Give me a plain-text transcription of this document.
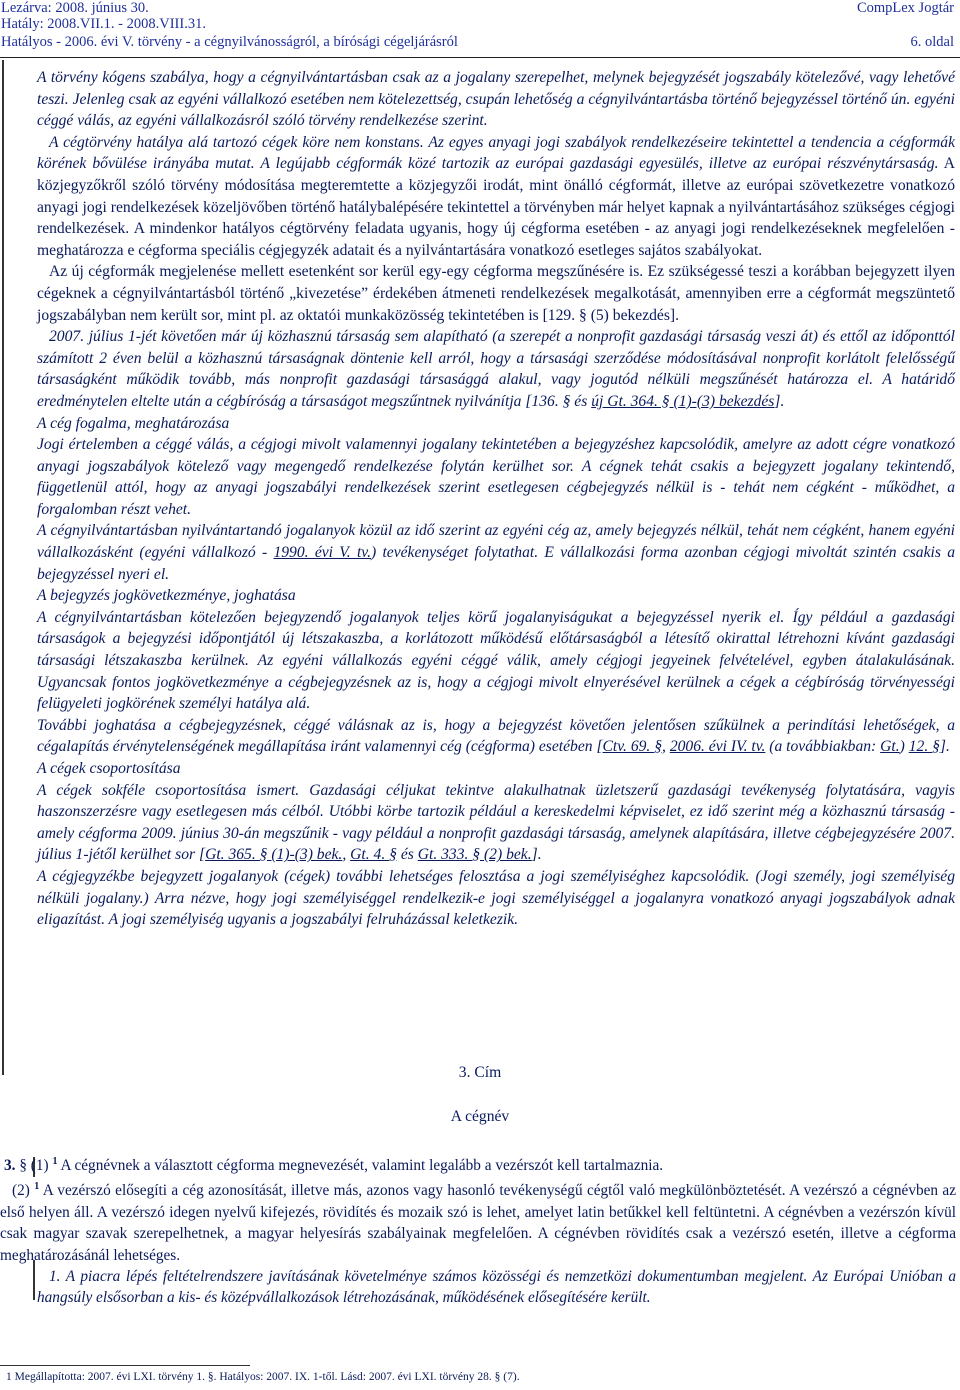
Lezárva: 2008. június 30.	CompLex Jogtár
Hatály: 2008.VII.1. - 2008.VIII.31.
Hatályos - 2006. évi V. törvény - a cégnyilvánosságról, a bírósági cégeljárásról	6. oldal

A törvény kógens szabálya, hogy a cégnyilvántartásban csak az a jogalany szerepelhet, melynek bejegyzését jogszabály kötelezővé, vagy lehetővé teszi. Jelenleg csak az egyéni vállalkozó esetében nem kötelezettség, csupán lehetőség a cégnyilvántartásba történő bejegyzéssel történő ún. egyéni céggé válás, az egyéni vállalkozásról szóló törvény rendelkezése szerint.

A cégtörvény hatálya alá tartozó cégek köre nem konstans. Az egyes anyagi jogi szabályok rendelkezéseire tekintettel a tendencia a cégformák körének bővülése irányába mutat. A legújabb cégformák közé tartozik az európai gazdasági egyesülés, illetve az európai részvénytársaság. A közjegyzőkről szóló törvény módosítása megteremtette a közjegyzői irodát, mint önálló cégformát, illetve az európai szövetkezetre vonatkozó anyagi jogi rendelkezések közeljövőben történő hatálybalépésére tekintettel a törvényben már helyet kapnak a nyilvántartásához szükséges cégjogi rendelkezések. A mindenkor hatályos cégtörvény feladata ugyanis, hogy új cégforma esetében - az anyagi jogi rendelkezéseknek megfelelően - meghatározza e cégforma speciális cégjegyzék adatait és a nyilvántartására vonatkozó esetleges sajátos szabályokat.

Az új cégformák megjelenése mellett esetenként sor kerül egy-egy cégforma megszűnésére is. Ez szükségessé teszi a korábban bejegyzett ilyen cégeknek a cégnyilvántartásból történő „kivezetése” érdekében átmeneti rendelkezések megalkotását, amennyiben erre a cégformát megszüntető jogszabályban nem került sor, mint pl. az oktatói munkaközösség tekintetében is [129. § (5) bekezdés].

2007. július 1-jét követően már új közhasznú társaság sem alapítható (a szerepét a nonprofit gazdasági társaság veszi át) és ettől az időponttól számított 2 éven belül a közhasznú társaságnak döntenie kell arról, hogy a társasági szerződése módosításával nonprofit korlátolt felelősségű társaságként működik tovább, más nonprofit gazdasági társasággá alakul, vagy jogutód nélküli megszűnését határozza el. A határidő eredménytelen eltelte után a cégbíróság a társaságot megszűntnek nyilvánítja [136. § és új Gt. 364. § (1)-(3) bekezdés].

A cég fogalma, meghatározása

Jogi értelemben a céggé válás, a cégjogi mivolt valamennyi jogalany tekintetében a bejegyzéshez kapcsolódik, amelyre az adott cégre vonatkozó anyagi jogszabályok kötelező vagy megengedő rendelkezése folytán kerülhet sor. A cégnek tehát csakis a bejegyzett jogalany tekintendő, függetlenül attól, hogy az anyagi jogszabályi rendelkezések szerint esetlegesen cégbejegyzés nélkül is - tehát nem cégként - működhet, a forgalomban részt vehet.

A cégnyilvántartásban nyilvántartandó jogalanyok közül az idő szerint az egyéni cég az, amely bejegyzés nélkül, tehát nem cégként, hanem egyéni vállalkozásként (egyéni vállalkozó - 1990. évi V. tv.) tevékenységet folytathat. E vállalkozási forma azonban cégjogi mivoltát szintén csakis a bejegyzéssel nyeri el.

A bejegyzés jogkövetkezménye, joghatása

A cégnyilvántartásban kötelezően bejegyzendő jogalanyok teljes körű jogalanyiságukat a bejegyzéssel nyerik el. Így például a gazdasági társaságok a bejegyzési időpontjától új létszakaszba, a korlátozott működésű előtársaságból a létesítő okirattal létrehozni kívánt gazdasági társasági létszakaszba kerülnek. Az egyéni vállalkozás egyéni céggé válik, amely cégjogi jegyeinek felvételével, egyben átalakulásának. Ugyancsak fontos jogkövetkezménye a cégbejegyzésnek az is, hogy a cégjogi mivolt elnyerésével kerülnek a cégek a cégbíróság törvényességi felügyeleti jogkörének személyi hatálya alá.

További joghatása a cégbejegyzésnek, céggé válásnak az is, hogy a bejegyzést követően jelentősen szűkülnek a perindítási lehetőségek, a cégalapítás érvénytelenségének megállapítása iránt valamennyi cég (cégforma) esetében [Ctv. 69. §, 2006. évi IV. tv. (a továbbiakban: Gt.) 12. §].

A cégek csoportosítása

A cégek sokféle csoportosítása ismert. Gazdasági céljukat tekintve alakulhatnak üzletszerű gazdasági tevékenység folytatására, vagyis haszonszerzésre vagy esetlegesen más célból. Utóbbi körbe tartozik például a kereskedelmi képviselet, ez idő szerint még a közhasznú társaság - amely cégforma 2009. június 30-án megszűnik - vagy például a nonprofit gazdasági társaság, amelynek alapítására, illetve cégbejegyzésére 2007. július 1-jétől kerülhet sor [Gt. 365. § (1)-(3) bek., Gt. 4. § és Gt. 333. § (2) bek.].

A cégjegyzékbe bejegyzett jogalanyok (cégek) további lehetséges felosztása a jogi személyiséghez kapcsolódik. (Jogi személy, jogi személyiség nélküli jogalany.) Arra nézve, hogy jogi személyiséggel rendelkezik-e jogi személyiséggel a jogalanyra vonatkozó anyagi jogszabályok adnak eligazítást. A jogi személyiség ugyanis a jogszabályi felruházással keletkezik.

3. Cím
A cégnév

3. § (1) $^1$ A cégnévnek a választott cégforma megnevezését, valamint legalább a vezérszót kell tartalmaznia.

(2) $^1$ A vezérszó elősegíti a cég azonosítását, illetve más, azonos vagy hasonló tevékenységű cégtől való megkülönböztetését. A vezérszó a cégnévben az első helyen áll. A vezérszó idegen nyelvű kifejezés, rövidítés és mozaik szó is lehet, amelyet latin betűkkel kell feltüntetni. A cégnévben a vezérszón kívül csak magyar szavak szerepelhetnek, a magyar helyesírás szabályainak megfelelően. A cégnévben rövidítés csak a vezérszó esetén, illetve a cégforma meghatározásánál lehetséges.

1. A piacra lépés feltételrendszere javításának követelménye számos közösségi és nemzetközi dokumentumban megjelent. Az Európai Unióban a hangsúly elsősorban a kis- és középvállalkozások létrehozásának, működésének elősegítésére került.

1 Megállapította: 2007. évi LXI. törvény 1. §. Hatályos: 2007. IX. 1-től. Lásd: 2007. évi LXI. törvény 28. § (7).
